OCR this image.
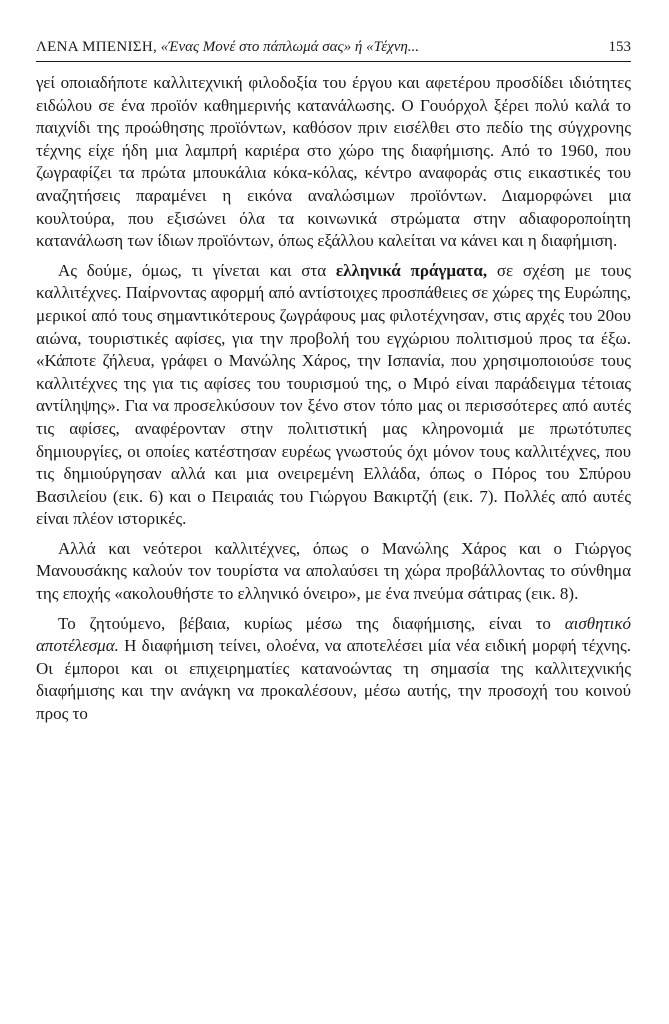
ΛΕΝΑ ΜΠΕΝΙΣΗ, «Ένας Μονέ στο πάπλωμά σας» ή «Τέχνη...	153

γεί οποιαδήποτε καλλιτεχνική φιλοδοξία του έργου και αφετέρου προσδίδει ιδιότητες ειδώλου σε ένα προϊόν καθημερινής κατανάλωσης. Ο Γουόρχολ ξέρει πολύ καλά το παιχνίδι της προώθησης προϊόντων, καθόσον πριν εισέλθει στο πεδίο της σύγχρονης τέχνης είχε ήδη μια λαμπρή καριέρα στο χώρο της διαφήμισης. Από το 1960, που ζωγραφίζει τα πρώτα μπουκάλια κόκα-κόλας, κέντρο αναφοράς στις εικαστικές του αναζητήσεις παραμένει η εικόνα αναλώσιμων προϊόντων. Διαμορφώνει μια κουλτούρα, που εξισώνει όλα τα κοινωνικά στρώματα στην αδιαφοροποίητη κατανάλωση των ίδιων προϊόντων, όπως εξάλλου καλείται να κάνει και η διαφήμιση.

Ας δούμε, όμως, τι γίνεται και στα ελληνικά πράγματα, σε σχέση με τους καλλιτέχνες. Παίρνοντας αφορμή από αντίστοιχες προσπάθειες σε χώρες της Ευρώπης, μερικοί από τους σημαντικότερους ζωγράφους μας φιλοτέχνησαν, στις αρχές του 20ου αιώνα, τουριστικές αφίσες, για την προβολή του εγχώριου πολιτισμού προς τα έξω. «Κάποτε ζήλευα, γράφει ο Μανώλης Χάρος, την Ισπανία, που χρησιμοποιούσε τους καλλιτέχνες της για τις αφίσες του τουρισμού της, ο Μιρό είναι παράδειγμα τέτοιας αντίληψης». Για να προσελκύσουν τον ξένο στον τόπο μας οι περισσότερες από αυτές τις αφίσες, αναφέρονταν στην πολιτιστική μας κληρονομιά με πρωτότυπες δημιουργίες, οι οποίες κατέστησαν ευρέως γνωστούς όχι μόνον τους καλλιτέχνες, που τις δημιούργησαν αλλά και μια ονειρεμένη Ελλάδα, όπως ο Πόρος του Σπύρου Βασιλείου (εικ. 6) και ο Πειραιάς του Γιώργου Βακιρτζή (εικ. 7). Πολλές από αυτές είναι πλέον ιστορικές.

Αλλά και νεότεροι καλλιτέχνες, όπως ο Μανώλης Χάρος και ο Γιώργος Μανουσάκης καλούν τον τουρίστα να απολαύσει τη χώρα προβάλλοντας το σύνθημα της εποχής «ακολουθήστε το ελληνικό όνειρο», με ένα πνεύμα σάτιρας (εικ. 8).

Το ζητούμενο, βέβαια, κυρίως μέσω της διαφήμισης, είναι το αισθητικό αποτέλεσμα. Η διαφήμιση τείνει, ολοένα, να αποτελέσει μία νέα ειδική μορφή τέχνης. Οι έμποροι και οι επιχειρηματίες κατανοώντας τη σημασία της καλλιτεχνικής διαφήμισης και την ανάγκη να προκαλέσουν, μέσω αυτής, την προσοχή του κοινού προς το
